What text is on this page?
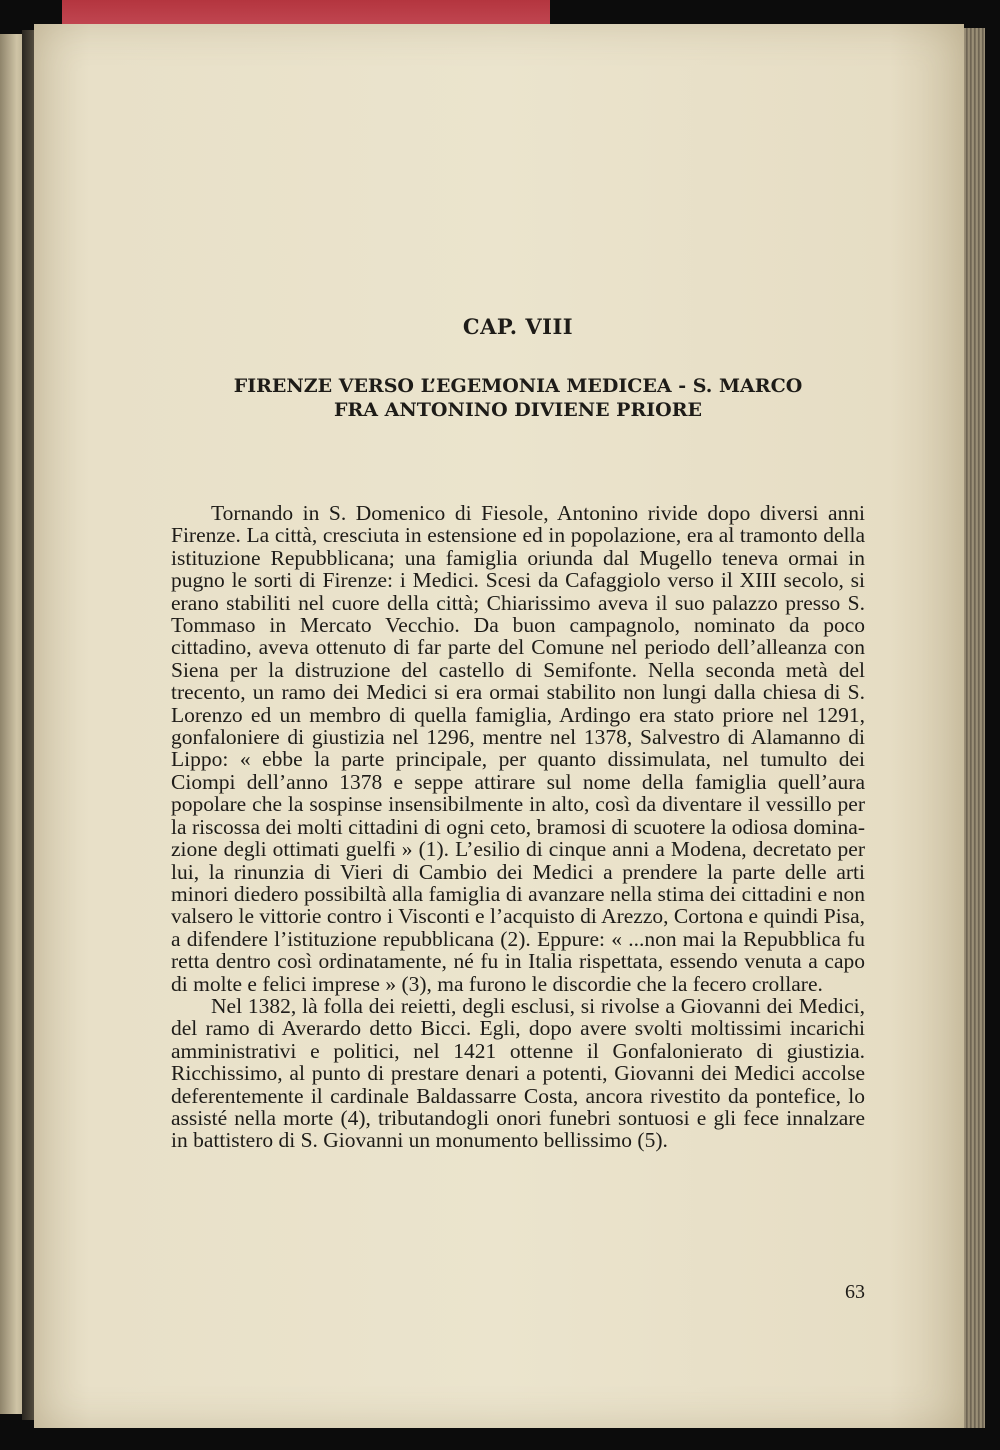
CAP. VIII
FIRENZE VERSO L’EGEMONIA MEDICEA - S. MARCO
FRA ANTONINO DIVIENE PRIORE

Tornando in S. Domenico di Fiesole, Antonino rivide dopo diversi anni Firenze. La città, cresciuta in estensione ed in popolazione, era al tramonto della istituzione Repubblicana; una famiglia oriunda dal Mugello teneva ormai in pugno le sorti di Firenze: i Medici. Scesi da Cafaggiolo verso il XIII secolo, si erano stabiliti nel cuore della città; Chiarissimo aveva il suo palazzo presso S. Tommaso in Mercato Vecchio. Da buon campagnolo, nominato da poco cittadino, aveva ottenuto di far parte del Comune nel periodo dell’alleanza con Siena per la distruzione del castello di Semifonte. Nella seconda metà del trecento, un ramo dei Medici si era ormai stabilito non lungi dalla chiesa di S. Lorenzo ed un membro di quella famiglia, Ardingo era stato priore nel 1291, gonfaloniere di giustizia nel 1296, mentre nel 1378, Salvestro di Alamanno di Lippo: « ebbe la parte principale, per quanto dissimulata, nel tumulto dei Ciompi dell’anno 1378 e seppe attirare sul nome della famiglia quell’aura popolare che la sospinse insensibilmente in alto, così da diventare il vessillo per la riscossa dei molti cittadini di ogni ceto, bramosi di scuotere la odiosa dominazione degli ottimati guelfi » (1). L’esilio di cinque anni a Modena, decretato per lui, la rinunzia di Vieri di Cambio dei Medici a prendere la parte delle arti minori diedero possibiltà alla famiglia di avanzare nella stima dei cittadini e non valsero le vittorie contro i Visconti e l’acquisto di Arezzo, Cortona e quindi Pisa, a difendere l’istituzione repubblicana (2). Eppure: « ...non mai la Repubblica fu retta dentro così ordinatamente, né fu in Italia rispettata, essendo venuta a capo di molte e felici imprese » (3), ma furono le discordie che la fecero crollare.

Nel 1382, là folla dei reietti, degli esclusi, si rivolse a Giovanni dei Medici, del ramo di Averardo detto Bicci. Egli, dopo avere svolti moltissimi incarichi amministrativi e politici, nel 1421 ottenne il Gonfalonierato di giustizia. Ricchissimo, al punto di prestare denari a potenti, Giovanni dei Medici accolse deferentemente il cardinale Baldassarre Costa, ancora rivestito da pontefice, lo assisté nella morte (4), tributandogli onori funebri sontuosi e gli fece innalzare in battistero di S. Giovanni un monumento bellissimo (5).

63
